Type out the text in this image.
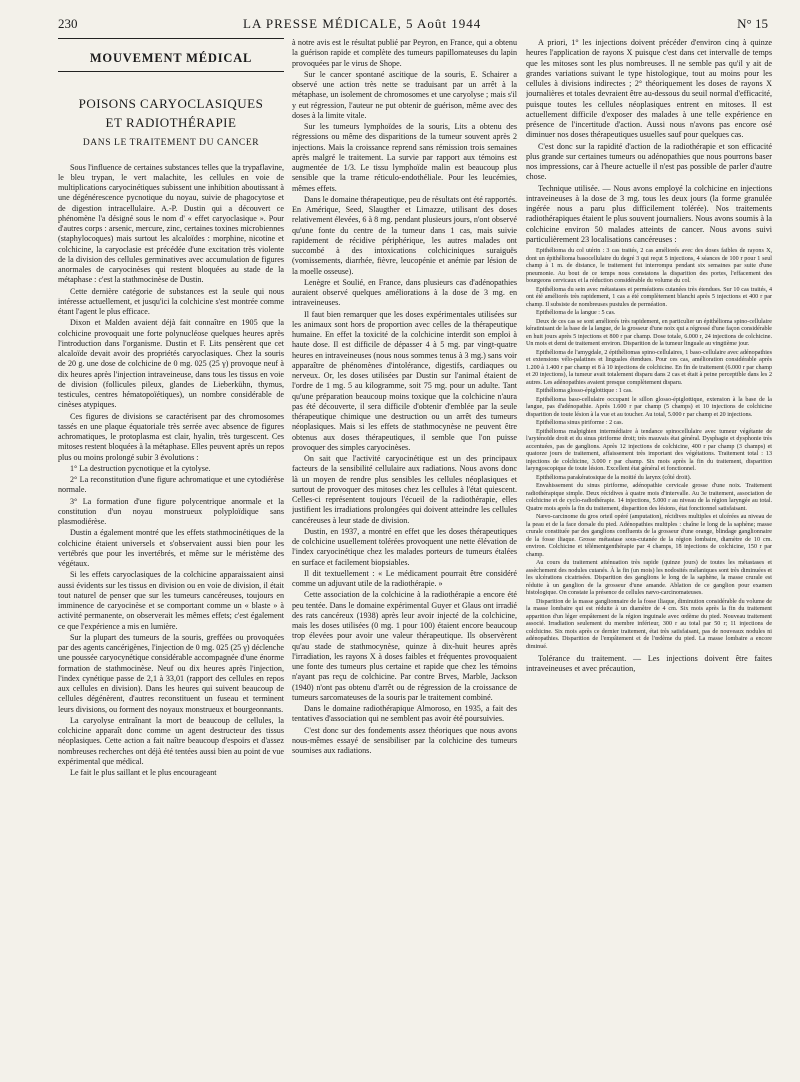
230	LA PRESSE MÉDICALE, 5 Août 1944	N° 15
MOUVEMENT MÉDICAL
POISONS CARYOCLASIQUES
ET RADIOTHÉRAPIE
DANS LE TRAITEMENT DU CANCER

Sous l'influence de certaines substances telles que la trypaflavine, le bleu trypan, le vert malachite, les cellules en voie de multiplications caryocinétiques subissent une inhibition aboutissant à une dégénérescence pycnotique du noyau, suivie de phagocytose et de digestion intracellulaire. A.-P. Dustin qui a découvert ce phénomène l'a désigné sous le nom d' « effet caryoclasique ». Pour d'autres corps : arsenic, mercure, zinc, certaines toxines microbiennes (staphylocoques) mais surtout les alcaloïdes : morphine, nicotine et colchicine, la caryoclasie est précédée d'une excitation très violente de la division des cellules germinatives avec accumulation de figures anormales de caryocinèses qui restent bloquées au stade de la métaphase : c'est la stathmocinèse de Dustin.

Cette dernière catégorie de substances est la seule qui nous intéresse actuellement, et jusqu'ici la colchicine s'est montrée comme étant l'agent le plus efficace.

Dixon et Malden avaient déjà fait connaître en 1905 que la colchicine provoquait une forte polynucléose quelques heures après l'introduction dans l'organisme. Dustin et F. Lits pensèrent que cet alcaloïde devait avoir des propriétés caryoclasiques. Chez la souris de 20 g. une dose de colchicine de 0 mg. 025 (25 γ) provoque neuf à dix heures après l'injection intraveineuse, dans tous les tissus en voie de division (follicules pileux, glandes de Lieberkühn, thymus, testicules, centres hématopoïétiques), un nombre considérable de cinèses atypiques.

Ces figures de divisions se caractérisent par des chromosomes tassés en une plaque équatoriale très serrée avec absence de figures achromatiques, le protoplasma est clair, hyalin, très turgescent. Ces mitoses restent bloquées à la métaphase. Elles peuvent après un repos plus ou moins prolongé subir 3 évolutions :

1° La destruction pycnotique et la cytolyse.

2° La reconstitution d'une figure achromatique et une cytodiérèse normale.

3° La formation d'une figure polycentrique anormale et la constitution d'un noyau monstrueux polyploïdique sans plasmodiérèse.

Dustin a également montré que les effets stathmocinétiques de la colchicine étaient universels et s'observaient aussi bien pour les vertébrés que pour les invertébrés, et même sur le méristème des végétaux.

Si les effets caryoclasiques de la colchicine apparaissaient ainsi aussi évidents sur les tissus en division ou en voie de division, il était tout naturel de penser que sur les tumeurs cancéreuses, toujours en imminence de caryocinèse et se comportant comme un « blaste » à activité permanente, on observerait les mêmes effets; c'est également ce que l'expérience a mis en lumière.

Sur la plupart des tumeurs de la souris, greffées ou provoquées par des agents cancérigènes, l'injection de 0 mg. 025 (25 γ) déclenche une poussée caryocynétique considérable accompagnée d'une énorme formation de stathmocinèse. Neuf ou dix heures après l'injection, l'index cynétique passe de 2,1 à 33,01 (rapport des cellules en repos aux cellules en division). Dans les heures qui suivent beaucoup de cellules dégénèrent, d'autres reconstituent un fuseau et terminent leurs divisions, ou forment des noyaux monstrueux et bourgeonnants.

La caryolyse entraînant la mort de beaucoup de cellules, la colchicine apparaît donc comme un agent destructeur des tissus néoplasiques. Cette action a fait naître beaucoup d'espoirs et d'assez nombreuses recherches ont déjà été tentées aussi bien au point de vue expérimental que médical.

Le fait le plus saillant et le plus encourageant

à notre avis est le résultat publié par Peyron, en France, qui a obtenu la guérison rapide et complète des tumeurs papillomateuses du lapin provoquées par le virus de Shope.

Sur le cancer spontané ascitique de la souris, E. Schairer a observé une action très nette se traduisant par un arrêt à la métaphase, un isolement de chromosomes et une caryolyse ; mais s'il y eut régression, l'auteur ne put obtenir de guérison, même avec des doses à la limite vitale.

Sur les tumeurs lymphoïdes de la souris, Lits a obtenu des régressions ou même des disparitions de la tumeur souvent après 2 injections. Mais la croissance reprend sans rémission trois semaines après malgré le traitement. La survie par rapport aux témoins est augmentée de 1/3. Le tissu lymphoïde malin est beaucoup plus sensible que la trame réticulo-endothéliale. Pour les leucémies, mêmes effets.

Dans le domaine thérapeutique, peu de résultats ont été rapportés. En Amérique, Seed, Slaugther et Limazze, utilisant des doses relativement élevées, 6 à 8 mg. pendant plusieurs jours, n'ont observé qu'une fonte du centre de la tumeur dans 1 cas, mais suivie rapidement de récidive périphérique, les autres malades ont succombé à des intoxications colchiciniques suraiguës (vomissements, diarrhée, fièvre, leucopénie et anémie par lésion de la moelle osseuse).

Lenègre et Soulié, en France, dans plusieurs cas d'adénopathies auraient observé quelques améliorations à la dose de 3 mg. en intraveineuses.

Il faut bien remarquer que les doses expérimentales utilisées sur les animaux sont hors de proportion avec celles de la thérapeutique humaine. En effet la toxicité de la colchicine interdit son emploi à haute dose. Il est difficile de dépasser 4 à 5 mg. par vingt-quatre heures en intraveineuses (nous nous sommes tenus à 3 mg.) sans voir apparaître de phénomènes d'intolérance, digestifs, cardiaques ou nerveux. Or, les doses utilisées par Dustin sur l'animal étaient de l'ordre de 1 mg. 5 au kilogramme, soit 75 mg. pour un adulte. Tant qu'une préparation beaucoup moins toxique que la colchicine n'aura pas été découverte, il sera difficile d'obtenir d'emblée par la seule thérapeutique chimique une destruction ou un arrêt des tumeurs néoplasiques. Mais si les effets de stathmocynèse ne peuvent être obtenus aux doses thérapeutiques, il semble que l'on puisse provoquer des simples caryocinèses.

On sait que l'activité caryocinétique est un des principaux facteurs de la sensibilité cellulaire aux radiations. Nous avons donc là un moyen de rendre plus sensibles les cellules néoplasiques et surtout de provoquer des mitoses chez les cellules à l'état quiescent. Celles-ci représentent toujours l'écueil de la radiothérapie, elles justifient les irradiations prolongées qui doivent atteindre les cellules cancéreuses à leur stade de division.

Dustin, en 1937, a montré en effet que les doses thérapeutiques de colchicine usuellement tolérées provoquent une nette élévation de l'index caryocinétique chez les malades porteurs de tumeurs étalées en surface et facilement biopsiables.

Il dit textuellement : « Le médicament pourrait être considéré comme un adjuvant utile de la radiothérapie. »

Cette association de la colchicine à la radiothérapie a encore été peu tentée. Dans le domaine expérimental Guyer et Glaus ont irradié des rats cancéreux (1938) après leur avoir injecté de la colchicine, mais les doses utilisées (0 mg. 1 pour 100) étaient encore beaucoup trop élevées pour avoir une valeur thérapeutique. Ils observèrent qu'au stade de stathmocynèse, quinze à dix-huit heures après l'irradiation, les rayons X à doses faibles et fréquentes provoquaient une fonte des tumeurs plus certaine et rapide que chez les témoins n'ayant pas reçu de colchicine. Par contre Brves, Marble, Jackson (1940) n'ont pas obtenu d'arrêt ou de régression de la croissance de tumeurs sarcomateuses de la souris par le traitement combiné.

Dans le domaine radiothérapique Almoroso, en 1935, a fait des tentatives d'association qui ne semblent pas avoir été poursuivies.

C'est donc sur des fondements assez théoriques que nous avons nous-mêmes essayé de sensibiliser par la colchicine des tumeurs soumises aux radiations.

A priori, 1° les injections doivent précéder d'environ cinq à quinze heures l'application de rayons X puisque c'est dans cet intervalle de temps que les mitoses sont les plus nombreuses. Il ne semble pas qu'il y ait de grandes variations suivant le type histologique, tout au moins pour les cellules à divisions indirectes ; 2° théoriquement les doses de rayons X journalières et totales devraient être au-dessous du seuil normal d'efficacité, puisque toutes les cellules néoplasiques entrent en mitoses. Il est actuellement difficile d'exposer des malades à une telle expérience en présence de l'incertitude d'action. Aussi nous n'avons pas encore osé diminuer nos doses thérapeutiques usuelles sauf pour quelques cas.

C'est donc sur la rapidité d'action de la radiothérapie et son efficacité plus grande sur certaines tumeurs ou adénopathies que nous pourrons baser nos impressions, car à l'heure actuelle il n'est pas possible de parler d'autre chose.

Technique utilisée. — Nous avons employé la colchicine en injections intraveineuses à la dose de 3 mg. tous les deux jours (la forme granulée ingérée nous a paru plus difficilement tolérée). Nos traitements radiothérapiques étaient le plus souvent journaliers. Nous avons soumis à la colchicine environ 50 malades atteints de cancer. Nous avons suivi particulièrement 23 localisations cancéreuses :

Epithélioma du col utérin : 3 cas traités, 2 cas améliorés avec des doses faibles de rayons X, dont un épithélioma basocellulaire du degré 3 qui reçut 5 injections, 4 séances de 100 r pour 1 seul champ à 1 m. de distance, le traitement fut interrompu pendant six semaines par suite d'une pneumonie. Au bout de ce temps nous constatons la disparition des portes, l'effacement des bourgeons cervicaux et la réduction considérable du volume du col.

Epithélioma du sein avec métastases et perméations cutanées très étendues. Sur 10 cas traités, 4 ont été améliorés très rapidement, 1 cas a été complètement blanchi après 5 injections et 400 r par champ. Il subsiste de nombreuses pustules de perméation.

Epithélioma de la langue : 5 cas.

Deux de ces cas se sont améliorés très rapidement, en particulier un épithélioma spino-cellulaire kératinisant de la base de la langue, de la grosseur d'une noix qui a régressé d'une façon considérable en huit jours après 5 injections et 800 r par champ. Dose totale, 6.000 r, 24 injections de colchicine. Un mois et demi de traitement environ. Disparition de la tumeur linguale au vingtième jour.

Epithélioma de l'amygdale, 2 épithéliomas spino-cellulaires, 1 baso-cellulaire avec adénopathies et extensions vélo-palatines et linguales étendues. Pour ces cas, amélioration considérable après 1.200 à 1.400 r par champ et 8 à 10 injections de colchicine. En fin de traitement (6.000 r par champ et 20 injections), la tumeur avait totalement disparu dans 2 cas et était à peine perceptible dans les 2 autres. Les adénopathies avaient presque complètement disparu.

Epithélioma glosso-épiglottique : 1 cas.

Epithélioma baso-cellulaire occupant le sillon glosso-épiglottique, extension à la base de la langue, pas d'adénopathie. Après 1.600 r par champ (5 champs) et 10 injections de colchicine disparition de toute lésion à la vue et au toucher. Au total, 5.000 r par champ et 20 injections.

Epithélioma sinus piriforme : 2 cas.

Epithélioma malpighien intermédiaire à tendance spinocellulaire avec tumeur végétante de l'aryténoïde droit et du sinus piriforme droit; très mauvais état général. Dysphagie et dysphonie très accentuées, pas de ganglions. Après 12 injections de colchicine, 400 r par champ (3 champs) et quatorze jours de traitement, affaissement très important des végétations. Traitement total : 13 injections de colchicine, 3.000 r par champ. Six mois après la fin du traitement, disparition laryngoscopique de toute lésion. Excellent état général et fonctionnel.

Epithélioma parakératosique de la moitié du larynx (côté droit).

Envahissement du sinus piriforme, adénopathie cervicale grosse d'une noix. Traitement radiothérapique simple. Deux récidives à quatre mois d'intervalle. Au 3e traitement, association de colchicine et de cyclo-radiothérapie. 14 injections, 5.000 r au niveau de la région laryngée au total. Quatre mois après la fin du traitement, disparition des lésions, état fonctionnel satisfaisant.

Nævo-carcinome du gros orteil opéré (amputation), récidives multiples et ulcérées au niveau de la peau et de la face dorsale du pied. Adénopathies multiples : chaîne le long de la saphène; masse crurale constituée par des ganglions confluents de la grosseur d'une orange, blindage ganglionnaire de la fosse iliaque. Grosse métastase sous-cutanée de la région lombaire, diamètre de 10 cm. environ. Colchicine et télémentgenthérapie par 4 champs, 18 injections de colchicine, 150 r par champ.

Au cours du traitement atténuation très rapide (quinze jours) de toutes les métastases et assèchement des nodules cutanés. À la fin (un mois) les nodosités mélaniques sont très diminuées et les ulcérations cicatrisées. Disparition des ganglions le long de la saphène, la masse crurale est réduite à un ganglion de la grosseur d'une amande. Ablation de ce ganglion pour examen histologique. On constate la présence de cellules nævo-carcinomateuses.

Disparition de la masse ganglionnaire de la fosse iliaque, diminution considérable du volume de la masse lombaire qui est réduite à un diamètre de 4 cm. Six mois après la fin du traitement apparition d'un léger empâtement de la région inguinale avec œdème du pied. Nouveau traitement associé. Irradiation seulement du membre inférieur, 300 r au total par 50 r; 11 injections de colchicine. Six mois après ce dernier traitement, état très satisfaisant, pas de nouveaux nodules ni adénopathies. Disparition de l'empâtement et de l'œdème du pied. La masse lombaire a encore diminué.

Tolérance du traitement. — Les injections doivent être faites intraveineuses et avec précaution,
